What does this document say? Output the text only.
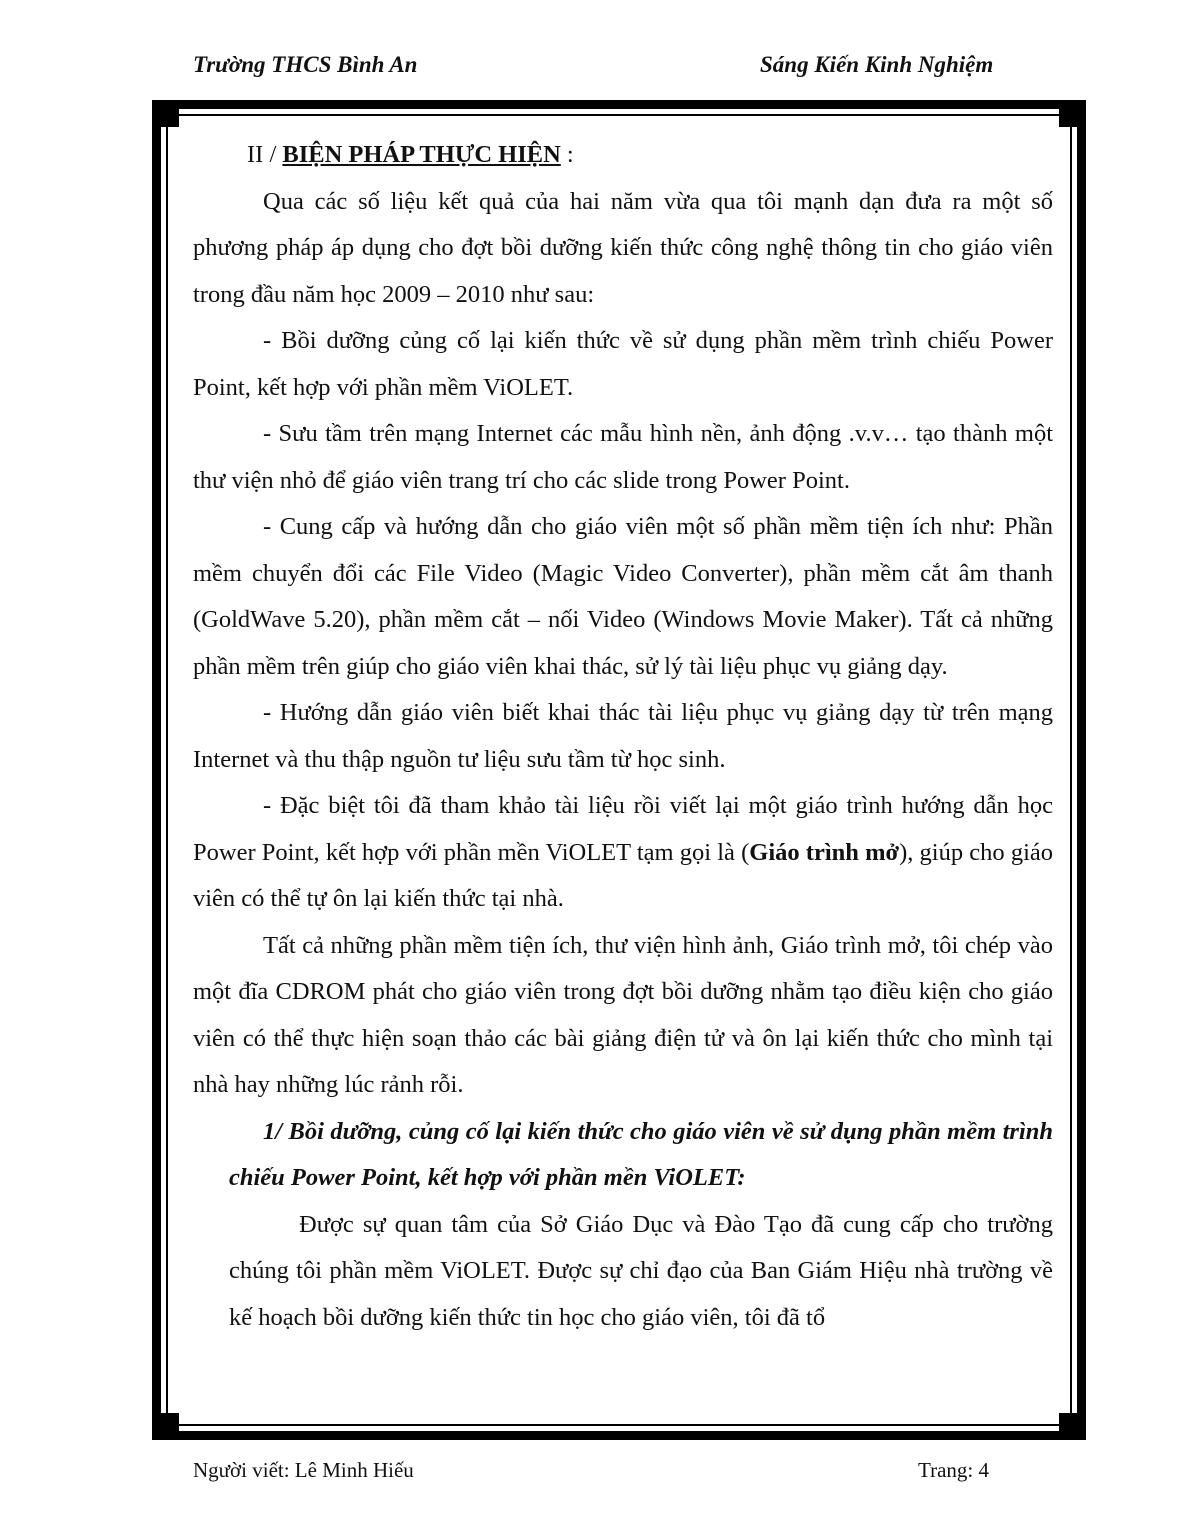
Trường THCS Bình An	Sáng Kiến Kinh Nghiệm

II / BIỆN PHÁP THỰC HIỆN :

Qua các số liệu kết quả của hai năm vừa qua tôi mạnh dạn đưa ra một số phương pháp áp dụng cho đợt bồi dưỡng kiến thức công nghệ thông tin cho giáo viên trong đầu năm học 2009 – 2010 như sau:

- Bồi dưỡng củng cố lại kiến thức về sử dụng phần mềm trình chiếu Power Point, kết hợp với phần mềm ViOLET.

- Sưu tầm trên mạng Internet các mẫu hình nền, ảnh động .v.v… tạo thành một thư viện nhỏ để giáo viên trang trí cho các slide trong Power Point.

- Cung cấp và hướng dẫn cho giáo viên một số phần mềm tiện ích như: Phần mềm chuyển đổi các File Video (Magic Video Converter), phần mềm cắt âm thanh (GoldWave 5.20), phần mềm cắt – nối Video (Windows Movie Maker). Tất cả những phần mềm trên giúp cho giáo viên khai thác, sử lý tài liệu phục vụ giảng dạy.

- Hướng dẫn giáo viên biết khai thác tài liệu phục vụ giảng dạy từ trên mạng Internet và thu thập nguồn tư liệu sưu tầm từ học sinh.

- Đặc biệt tôi đã tham khảo tài liệu rồi viết lại một giáo trình hướng dẫn học Power Point, kết hợp với phần mền ViOLET tạm gọi là (Giáo trình mở), giúp cho giáo viên có thể tự ôn lại kiến thức tại nhà.

Tất cả những phần mềm tiện ích, thư viện hình ảnh, Giáo trình mở, tôi chép vào một đĩa CDROM phát cho giáo viên trong đợt bồi dưỡng nhằm tạo điều kiện cho giáo viên có thể thực hiện soạn thảo các bài giảng điện tử và ôn lại kiến thức cho mình tại nhà hay những lúc rảnh rỗi.

1/ Bồi dưỡng, củng cố lại kiến thức cho giáo viên về sử dụng phần mềm trình chiếu Power Point, kết hợp với phần mền ViOLET:

Được sự quan tâm của Sở Giáo Dục và Đào Tạo đã cung cấp cho trường chúng tôi phần mềm ViOLET. Được sự chỉ đạo của Ban Giám Hiệu nhà trường về kế hoạch bồi dưỡng kiến thức tin học cho giáo viên, tôi đã tổ

Người viết: Lê Minh Hiếu	Trang: 4
